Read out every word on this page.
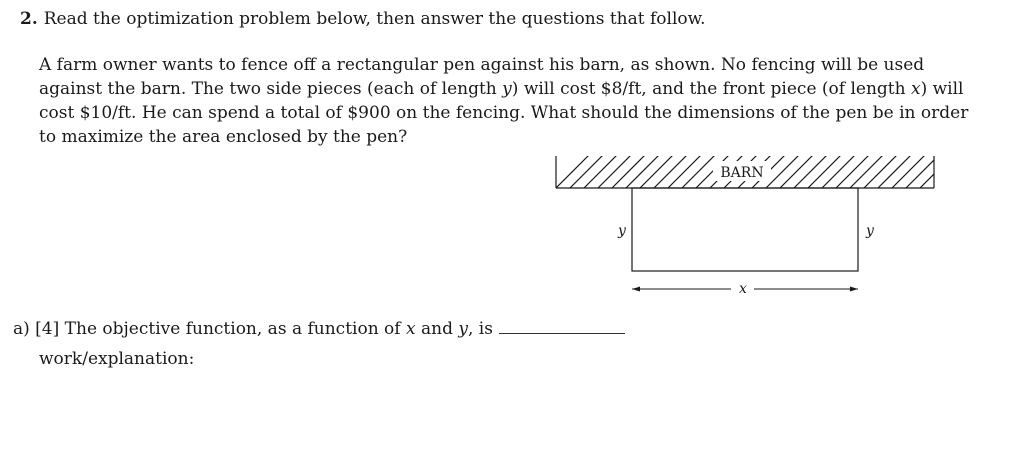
2. Read the optimization problem below, then answer the questions that follow.
A farm owner wants to fence off a rectangular pen against his barn, as shown. No fencing will be used
against the barn. The two side pieces (each of length y) will cost $8/ft, and the front piece (of length x) will
cost $10/ft. He can spend a total of $900 on the fencing. What should the dimensions of the pen be in order
to maximize the area enclosed by the pen?
BARN
y	y
x
a) [4] The objective function, as a function of x and y, is
work/explanation:
